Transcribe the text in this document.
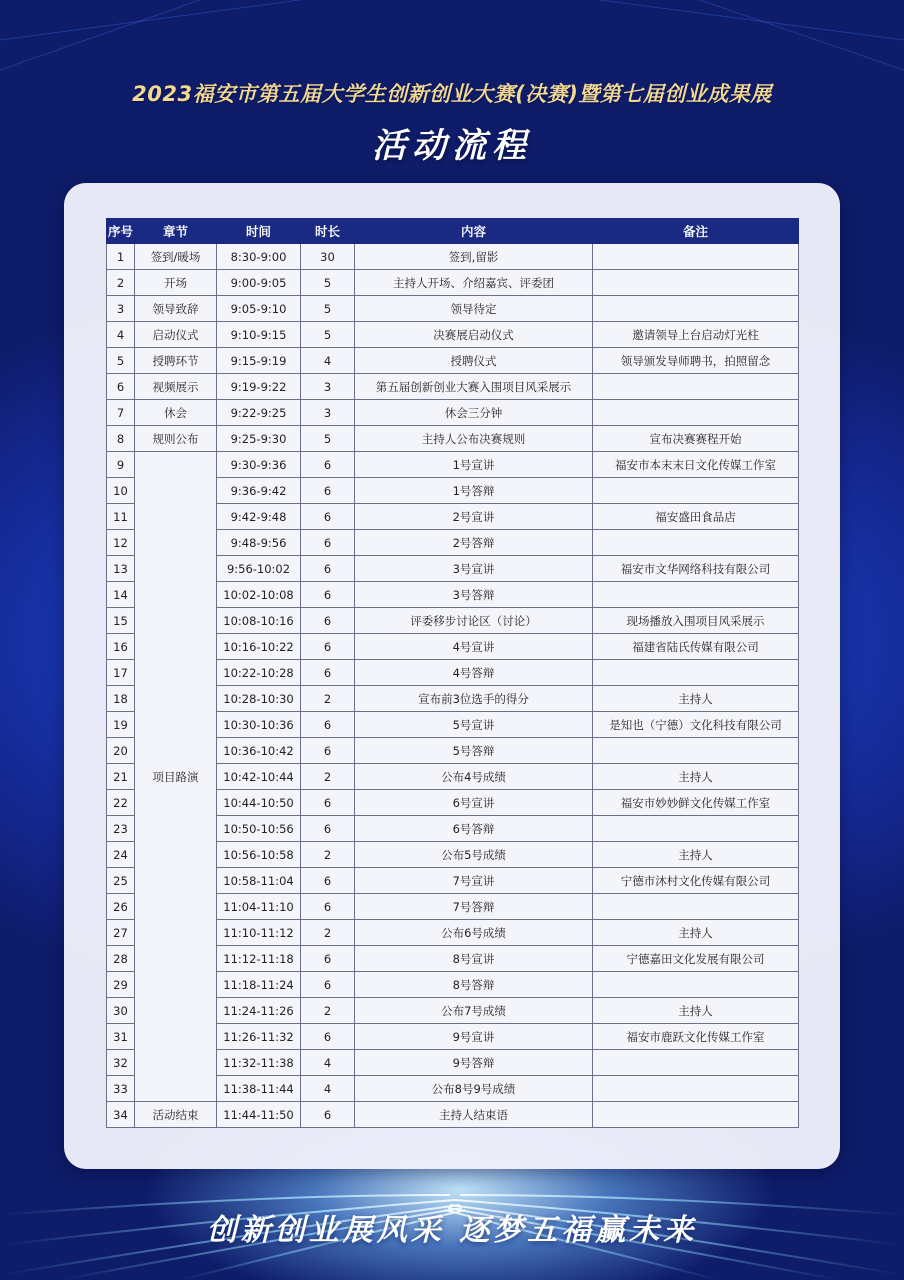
2023福安市第五届大学生创新创业大赛(决赛)暨第七届创业成果展
活动流程
序号	章节	时间	时长	内容	备注
1	签到/暖场	8:30-9:00	30	签到,留影	
2	开场	9:00-9:05	5	主持人开场、介绍嘉宾、评委团	
3	领导致辞	9:05-9:10	5	领导待定	
4	启动仪式	9:10-9:15	5	决赛展启动仪式	邀请领导上台启动灯光柱
5	授聘环节	9:15-9:19	4	授聘仪式	领导颁发导师聘书，拍照留念
6	视频展示	9:19-9:22	3	第五届创新创业大赛入围项目风采展示	
7	休会	9:22-9:25	3	休会三分钟	
8	规则公布	9:25-9:30	5	主持人公布决赛规则	宣布决赛赛程开始
9	项目路演	9:30-9:36	6	1号宣讲	福安市本末末日文化传媒工作室
10		9:36-9:42	6	1号答辩	
11		9:42-9:48	6	2号宣讲	福安盛田食品店
12		9:48-9:56	6	2号答辩	
13		9:56-10:02	6	3号宣讲	福安市文华网络科技有限公司
14		10:02-10:08	6	3号答辩	
15		10:08-10:16	6	评委移步讨论区（讨论）	现场播放入围项目风采展示
16		10:16-10:22	6	4号宣讲	福建省陆氏传媒有限公司
17		10:22-10:28	6	4号答辩	
18		10:28-10:30	2	宣布前3位选手的得分	主持人
19		10:30-10:36	6	5号宣讲	是知也（宁德）文化科技有限公司
20		10:36-10:42	6	5号答辩	
21		10:42-10:44	2	公布4号成绩	主持人
22		10:44-10:50	6	6号宣讲	福安市妙妙鲜文化传媒工作室
23		10:50-10:56	6	6号答辩	
24		10:56-10:58	2	公布5号成绩	主持人
25		10:58-11:04	6	7号宣讲	宁德市沐村文化传媒有限公司
26		11:04-11:10	6	7号答辩	
27		11:10-11:12	2	公布6号成绩	主持人
28		11:12-11:18	6	8号宣讲	宁德嘉田文化发展有限公司
29		11:18-11:24	6	8号答辩	
30		11:24-11:26	2	公布7号成绩	主持人
31		11:26-11:32	6	9号宣讲	福安市鹿跃文化传媒工作室
32		11:32-11:38	4	9号答辩	
33		11:38-11:44	4	公布8号9号成绩	
34	活动结束	11:44-11:50	6	主持人结束语	
创新创业展风采 逐梦五福赢未来
